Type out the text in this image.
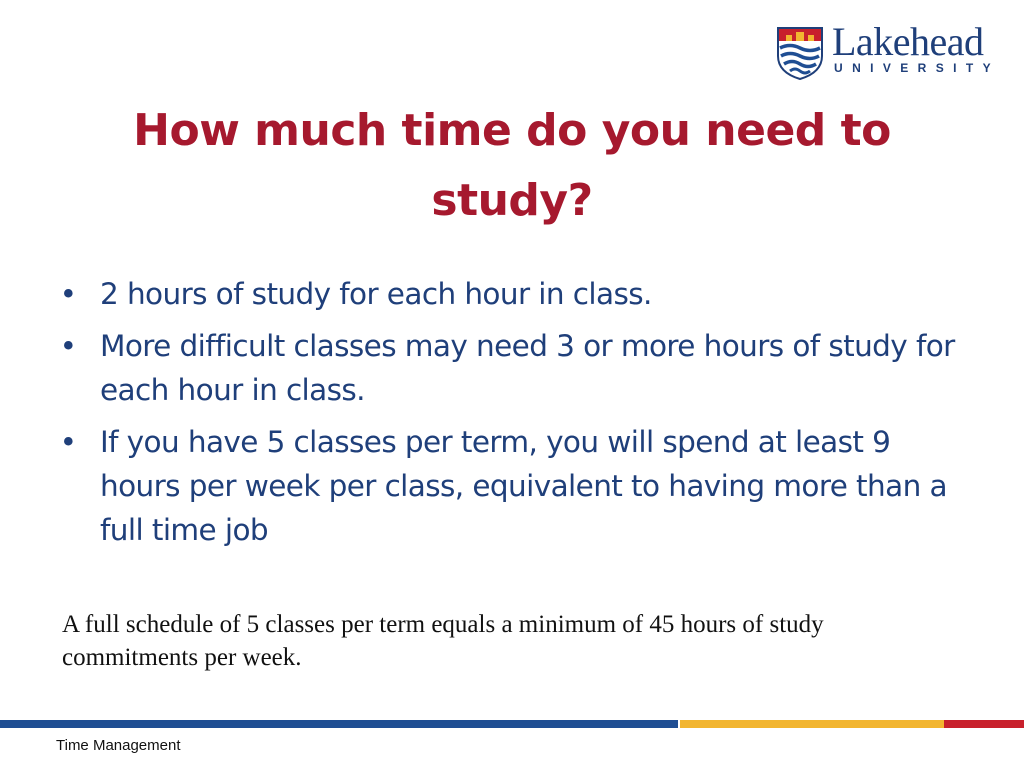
Lakehead
UNIVERSITY
How much time do you need to study?
• 2 hours of study for each hour in class.
• More difficult classes may need 3 or more hours of study for each hour in class.
• If you have 5 classes per term, you will spend at least 9 hours per week per class, equivalent to having more than a full time job

A full schedule of 5 classes per term equals a minimum of 45 hours of study commitments per week.

Time Management
